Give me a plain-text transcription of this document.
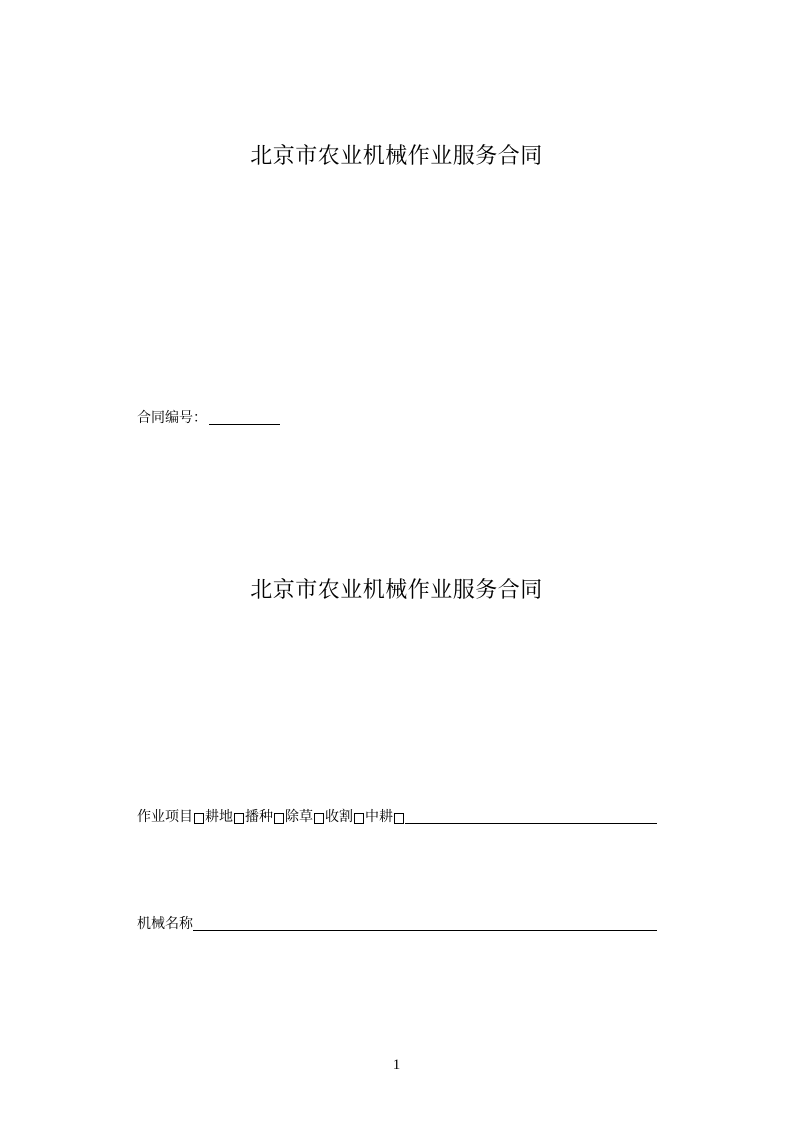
北京市农业机械作业服务合同
合同编号：
北京市农业机械作业服务合同
作业项目 耕地 播种 除草 收割 中耕
机械名称
1
